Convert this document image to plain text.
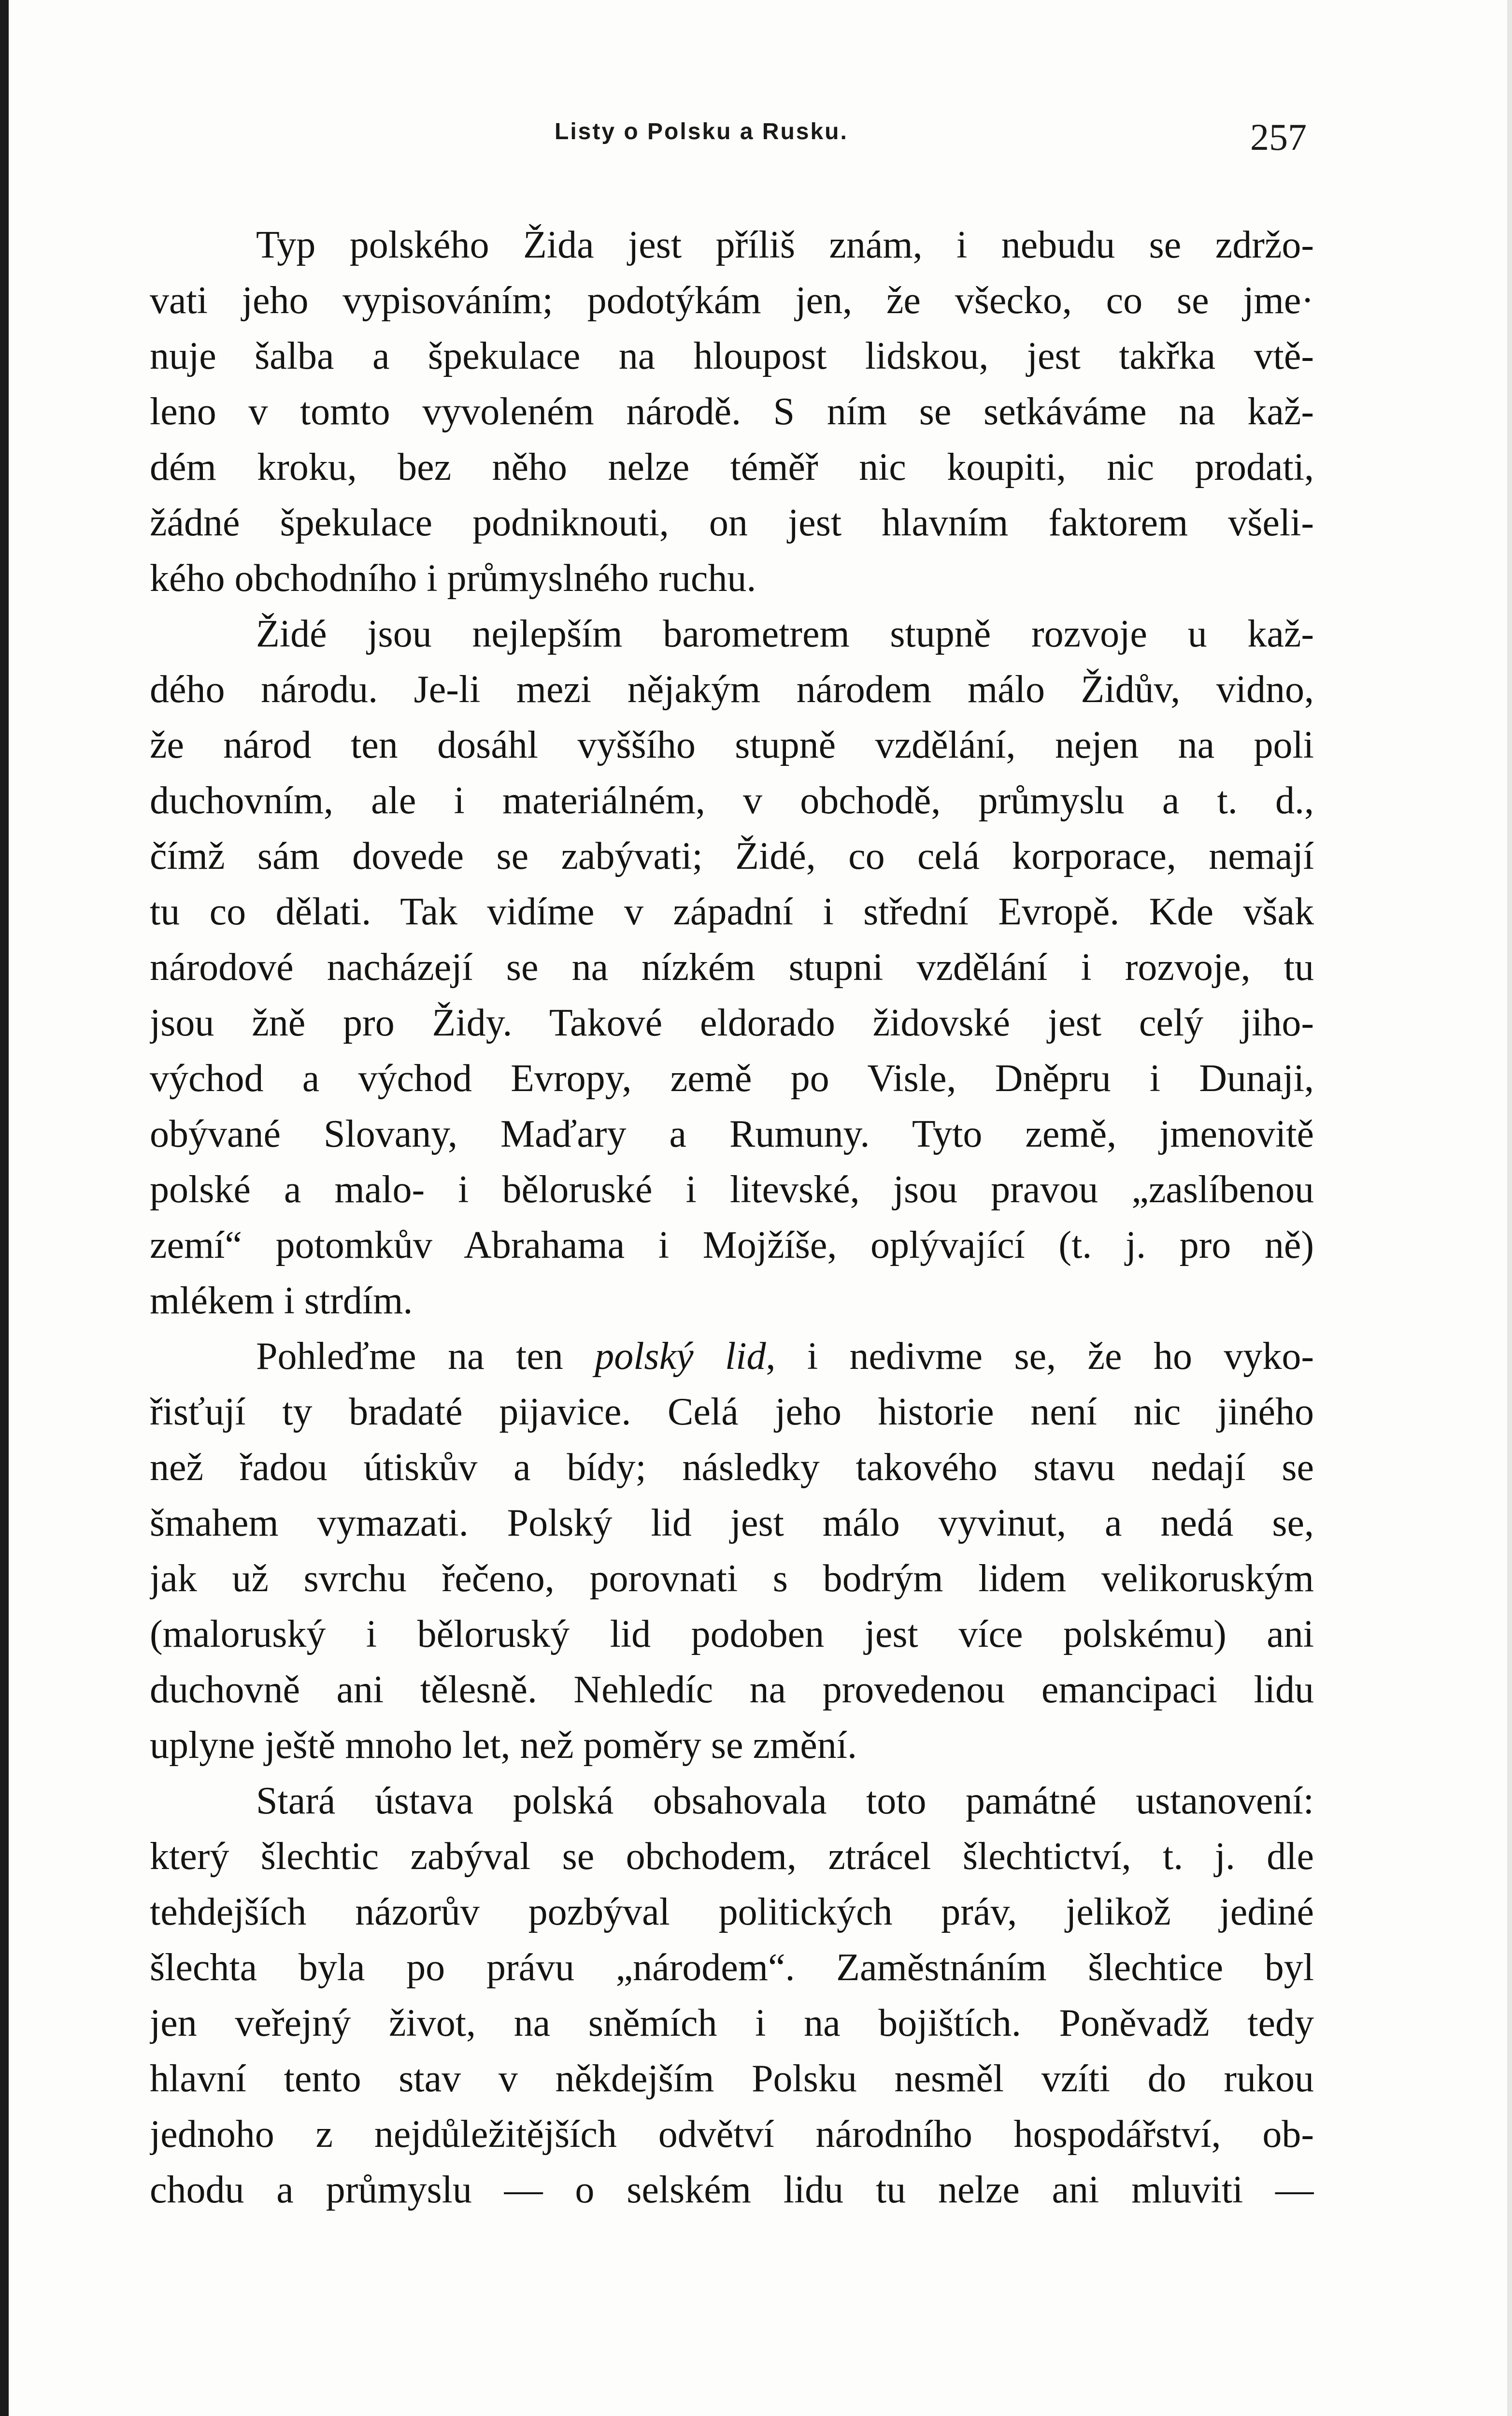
Listy o Polsku a Rusku.	257
Typ polského Žida jest příliš znám, i nebudu se zdržo-
vati jeho vypisováním; podotýkám jen, že všecko, co se jme·
nuje šalba a špekulace na hloupost lidskou, jest takřka vtě-
leno v tomto vyvoleném národě. S ním se setkáváme na kaž-
dém kroku, bez něho nelze téměř nic koupiti, nic prodati,
žádné špekulace podniknouti, on jest hlavním faktorem všeli-
kého obchodního i průmyslného ruchu.
Židé jsou nejlepším barometrem stupně rozvoje u kaž-
dého národu. Je-li mezi nějakým národem málo Židův, vidno,
že národ ten dosáhl vyššího stupně vzdělání, nejen na poli
duchovním, ale i materiálném, v obchodě, průmyslu a t. d.,
čímž sám dovede se zabývati; Židé, co celá korporace, nemají
tu co dělati. Tak vidíme v západní i střední Evropě. Kde však
národové nacházejí se na nízkém stupni vzdělání i rozvoje, tu
jsou žně pro Židy. Takové eldorado židovské jest celý jiho-
východ a východ Evropy, země po Visle, Dněpru i Dunaji,
obývané Slovany, Maďary a Rumuny. Tyto země, jmenovitě
polské a malo- i běloruské i litevské, jsou pravou „zaslíbenou
zemí“ potomkův Abrahama i Mojžíše, oplývající (t. j. pro ně)
mlékem i strdím.
Pohleďme na ten polský lid, i nedivme se, že ho vyko-
řisťují ty bradaté pijavice. Celá jeho historie není nic jiného
než řadou útiskův a bídy; následky takového stavu nedají se
šmahem vymazati. Polský lid jest málo vyvinut, a nedá se,
jak už svrchu řečeno, porovnati s bodrým lidem velikoruským
(maloruský i běloruský lid podoben jest více polskému) ani
duchovně ani tělesně. Nehledíc na provedenou emancipaci lidu
uplyne ještě mnoho let, než poměry se změní.
Stará ústava polská obsahovala toto památné ustanovení:
který šlechtic zabýval se obchodem, ztrácel šlechtictví, t. j. dle
tehdejších názorův pozbýval politických práv, jelikož jediné
šlechta byla po právu „národem“. Zaměstnáním šlechtice byl
jen veřejný život, na sněmích i na bojištích. Poněvadž tedy
hlavní tento stav v někdejším Polsku nesměl vzíti do rukou
jednoho z nejdůležitějších odvětví národního hospodářství, ob-
chodu a průmyslu — o selském lidu tu nelze ani mluviti —
